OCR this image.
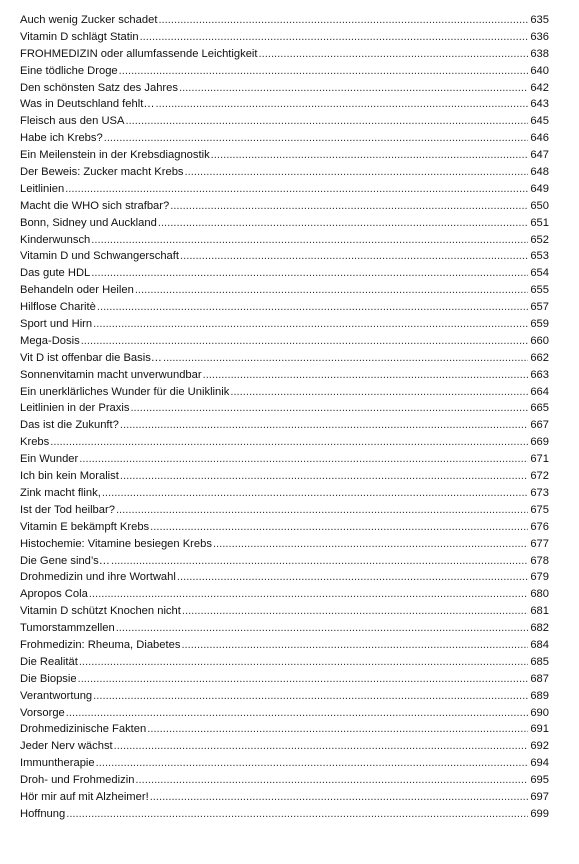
Auch wenig Zucker schadet .....	635
Vitamin D schlägt Statin .....	636
FROHMEDIZIN oder allumfassende Leichtigkeit .....	638
Eine tödliche Droge .....	640
Den schönsten Satz des Jahres .....	642
Was in Deutschland fehlt… .....	643
Fleisch aus den USA .....	645
Habe ich Krebs? .....	646
Ein Meilenstein in der Krebsdiagnostik .....	647
Der Beweis: Zucker macht Krebs .....	648
Leitlinien .....	649
Macht die WHO sich strafbar? .....	650
Bonn, Sidney und Auckland .....	651
Kinderwunsch .....	652
Vitamin D und Schwangerschaft .....	653
Das gute HDL .....	654
Behandeln oder Heilen .....	655
Hilflose Charitè .....	657
Sport und Hirn .....	659
Mega-Dosis .....	660
Vit D ist offenbar die Basis… .....	662
Sonnenvitamin macht unverwundbar .....	663
Ein unerklärliches Wunder für die Uniklinik .....	664
Leitlinien in der Praxis .....	665
Das ist die Zukunft? .....	667
Krebs .....	669
Ein Wunder .....	671
Ich bin kein Moralist .....	672
Zink macht flink, .....	673
Ist der Tod heilbar? .....	675
Vitamin E bekämpft Krebs .....	676
Histochemie: Vitamine besiegen Krebs .....	677
Die Gene sind’s… .....	678
Drohmedizin und ihre Wortwahl .....	679
Apropos Cola .....	680
Vitamin D schützt Knochen nicht .....	681
Tumorstammzellen .....	682
Frohmedizin: Rheuma, Diabetes .....	684
Die Realität .....	685
Die Biopsie .....	687
Verantwortung .....	689
Vorsorge .....	690
Drohmedizinische Fakten .....	691
Jeder Nerv wächst .....	692
Immuntherapie .....	694
Droh- und Frohmedizin .....	695
Hör mir auf mit Alzheimer! .....	697
Hoffnung .....	699
